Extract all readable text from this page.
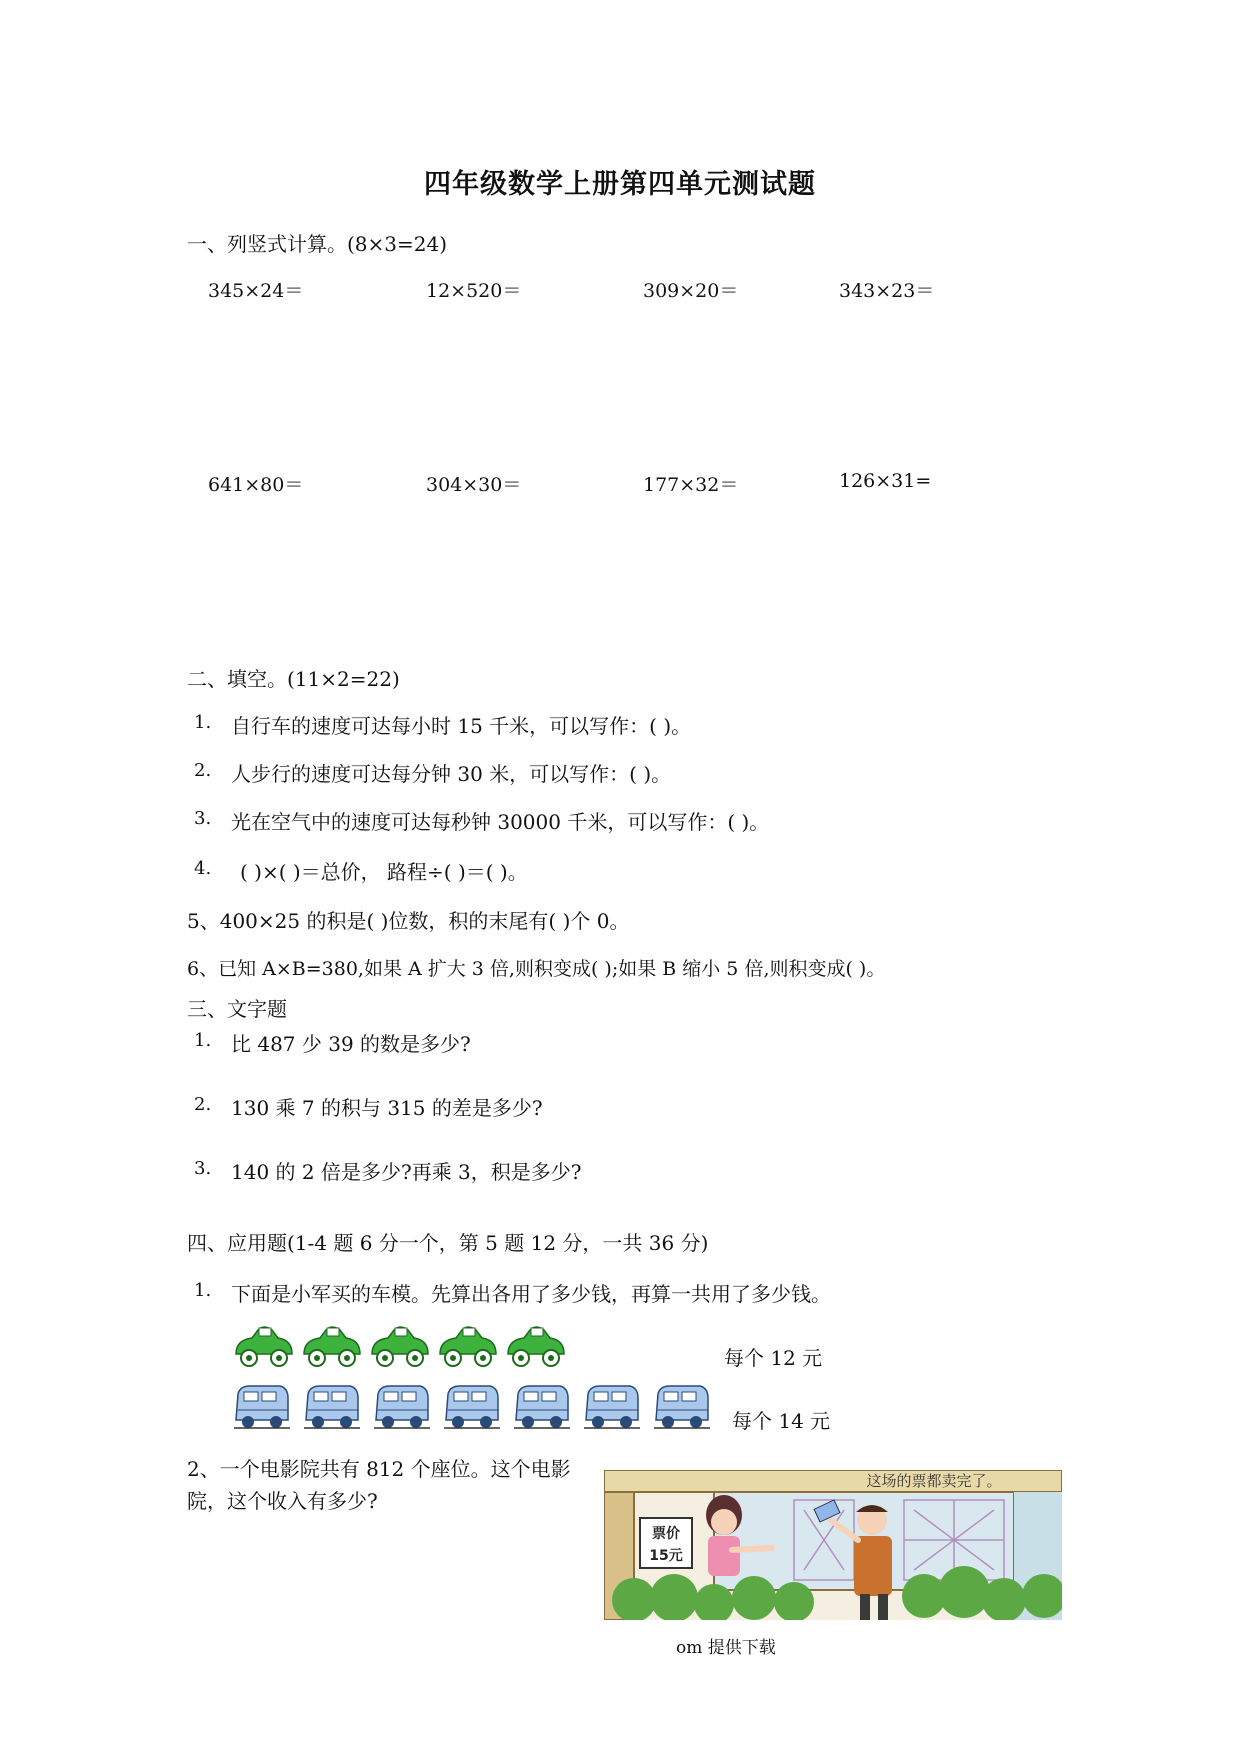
四年级数学上册第四单元测试题
一、列竖式计算。(8×3=24)
345×24＝	12×520＝	309×20＝	343×23＝
641×80＝	304×30＝	177×32＝	126×31=
二、填空。(11×2=22)
1. 自行车的速度可达每小时 15 千米，可以写作：( )。
2. 人步行的速度可达每分钟 30 米，可以写作：( )。
3. 光在空气中的速度可达每秒钟 30000 千米，可以写作：( )。
4. ( )×( )＝总价， 路程÷( )＝( )。
5、400×25 的积是( )位数，积的末尾有( )个 0。
6、已知 A×B=380,如果 A 扩大 3 倍,则积变成( );如果 B 缩小 5 倍,则积变成( )。
三、文字题
1. 比 487 少 39 的数是多少?
2. 130 乘 7 的积与 315 的差是多少?
3. 140 的 2 倍是多少?再乘 3，积是多少?
四、应用题(1-4 题 6 分一个，第 5 题 12 分，一共 36 分)
1. 下面是小军买的车模。先算出各用了多少钱，再算一共用了多少钱。
每个 12 元
每个 14 元
2、一个电影院共有 812 个座位。这个电影
院，这个收入有多少?
票价
15元
这场的票都卖完了。
om 提供下载
